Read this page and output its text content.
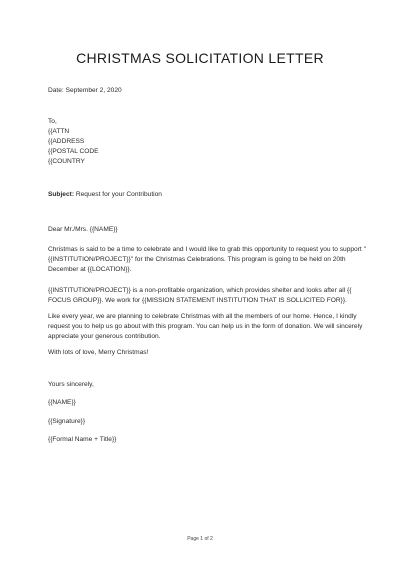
CHRISTMAS SOLICITATION LETTER
Date: September 2, 2020
To,
{{ATTN
{{ADDRESS
{{POSTAL CODE
{{COUNTRY
Subject: Request for your Contribution
Dear Mr./Mrs. {{NAME}}
Christmas is said to be a time to celebrate and I would like to grab this opportunity to request you to support "{{INSTITUTION/PROJECT}}" for the Christmas Celebrations. This program is going to be held on 20th December at {{LOCATION}}.
{{INSTITUTION/PROJECT}} is a non-profitable organization, which provides shelter and looks after all {{ FOCUS GROUP}}. We work for {{MISSION STATEMENT INSTITUTION THAT IS SOLLICITED FOR}}.
Like every year, we are planning to celebrate Christmas with all the members of our home. Hence, I kindly request you to help us go about with this program. You can help us in the form of donation. We will sincerely appreciate your generous contribution.
With lots of love, Merry Christmas!
Yours sincerely,
{{NAME}}
{{Signature}}
{{Formal Name + Title}}
Page 1 of 2
